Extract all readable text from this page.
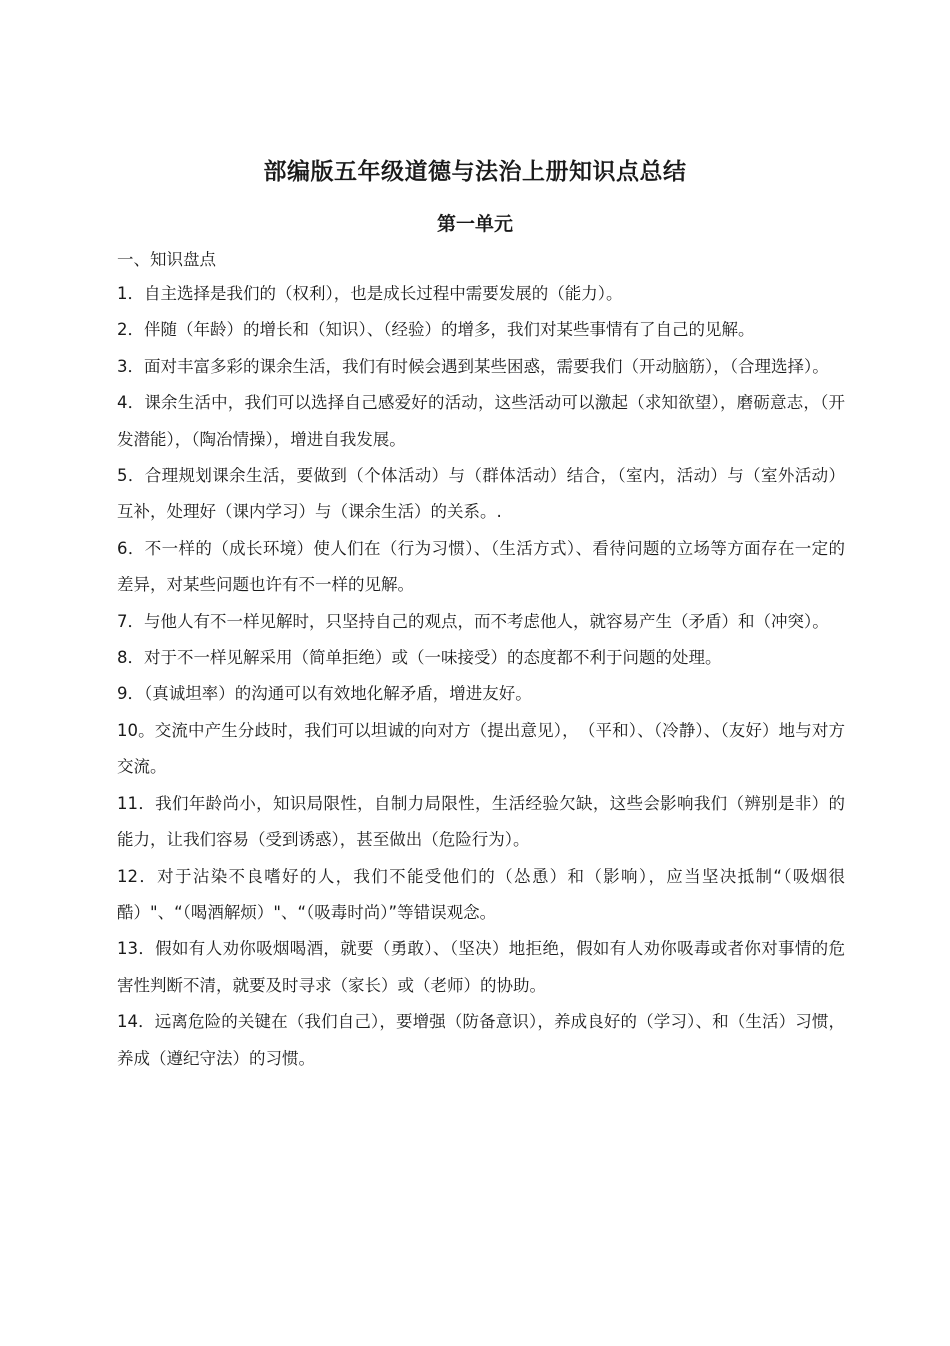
部编版五年级道德与法治上册知识点总结
第一单元

一、知识盘点

1．自主选择是我们的（权利），也是成长过程中需要发展的（能力）。

2．伴随（年龄）的增长和（知识）、（经验）的增多，我们对某些事情有了自己的见解。

3．面对丰富多彩的课余生活，我们有时候会遇到某些困惑，需要我们（开动脑筋），（合理选择）。

4．课余生活中，我们可以选择自己感爱好的活动，这些活动可以激起（求知欲望），磨砺意志，（开发潜能），（陶冶情操），增进自我发展。

5．合理规划课余生活，要做到（个体活动）与（群体活动）结合，（室内，活动）与（室外活动）互补，处理好（课内学习）与（课余生活）的关系。.

6．不一样的（成长环境）使人们在（行为习惯）、（生活方式）、看待问题的立场等方面存在一定的差异，对某些问题也许有不一样的见解。

7．与他人有不一样见解时，只坚持自己的观点，而不考虑他人，就容易产生（矛盾）和（冲突）。

8．对于不一样见解采用（简单拒绝）或（一味接受）的态度都不利于问题的处理。

9．（真诚坦率）的沟通可以有效地化解矛盾，增进友好。

10。交流中产生分歧时，我们可以坦诚的向对方（提出意见），　（平和）、（冷静）、（友好）地与对方交流。

11．我们年龄尚小，知识局限性，自制力局限性，生活经验欠缺，这些会影响我们（辨别是非）的能力，让我们容易（受到诱惑），甚至做出（危险行为）。

12．对于沾染不良嗜好的人，我们不能受他们的（怂恿）和（影响），应当坚决抵制“（吸烟很酷）"、“（喝酒解烦）"、“（吸毒时尚）”等错误观念。

13．假如有人劝你吸烟喝酒，就要（勇敢）、（坚决）地拒绝，假如有人劝你吸毒或者你对事情的危害性判断不清，就要及时寻求（家长）或（老师）的协助。

14．远离危险的关键在（我们自己），要增强（防备意识），养成良好的（学习）、和（生活）习惯，养成（遵纪守法）的习惯。
